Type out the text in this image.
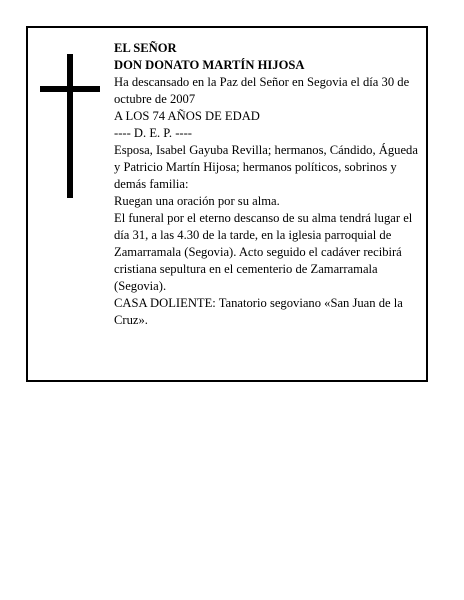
EL SEÑOR

DON DONATO MARTÍN HIJOSA

Ha descansado en la Paz del Señor en Segovia el día 30 de octubre de 2007

A LOS 74 AÑOS DE EDAD

---- D. E. P. ----

Esposa, Isabel Gayuba Revilla; hermanos, Cándido, Águeda y Patricio Martín Hijosa; hermanos políticos, sobrinos y demás familia:

Ruegan una oración por su alma.

El funeral por el eterno descanso de su alma tendrá lugar el día 31, a las 4.30 de la tarde, en la iglesia parroquial de Zamarramala (Segovia). Acto seguido el cadáver recibirá cristiana sepultura en el cementerio de Zamarramala (Segovia).

CASA DOLIENTE: Tanatorio segoviano «San Juan de la Cruz».
